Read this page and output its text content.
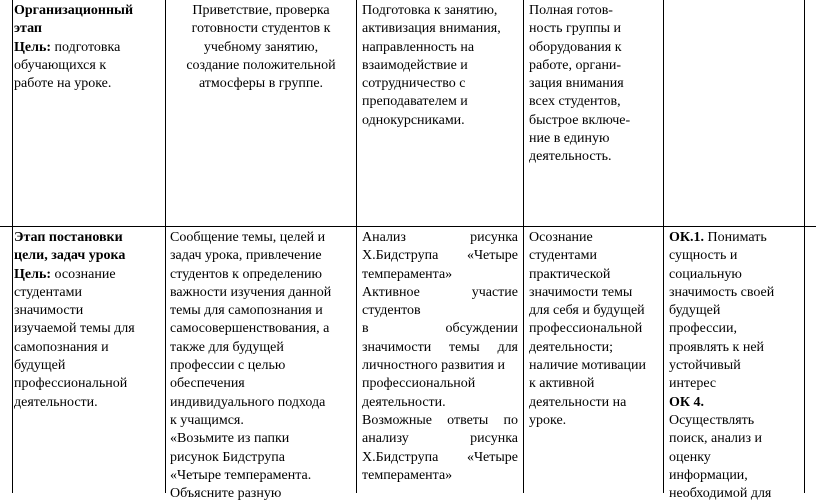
Организационный
этап
Цель: подготовка
обучающихся к
работе на уроке.
Приветствие, проверка
готовности студентов к
учебному занятию,
создание положительной
атмосферы в группе.
Подготовка к занятию,
активизация внимания,
направленность на
взаимодействие и
сотрудничество с
преподавателем и
однокурсниками.
Полная готов-
ность группы и
оборудования к
работе, органи-
зация внимания
всех студентов,
быстрое включе-
ние в единую
деятельность.
Этап постановки
цели, задач урока
Цель: осознание
студентами
значимости
изучаемой темы для
самопознания и
будущей
профессиональной
деятельности.
Сообщение темы, целей и
задач урока, привлечение
студентов к определению
важности изучения данной
темы для самопознания и
самосовершенствования, а
также для будущей
профессии с целью
обеспечения
индивидуального подхода
к учащимся.
«Возьмите из папки
рисунок Бидструпа
«Четыре темперамента.
Объясните разную
Анализ рисунка
Х.Бидструпа «Четыре
темперамента»
Активное участие
студентов
в обсуждении
значимости темы для
личностного развития и
профессиональной
деятельности.
Возможные ответы по
анализу рисунка
Х.Бидструпа «Четыре
темперамента»
Осознание
студентами
практической
значимости темы
для себя и будущей
профессиональной
деятельности;
наличие мотивации
к активной
деятельности на
уроке.
ОК.1. Понимать
сущность и
социальную
значимость своей
будущей
профессии,
проявлять к ней
устойчивый
интерес
ОК 4.
Осуществлять
поиск, анализ и
оценку
информации,
необходимой для
